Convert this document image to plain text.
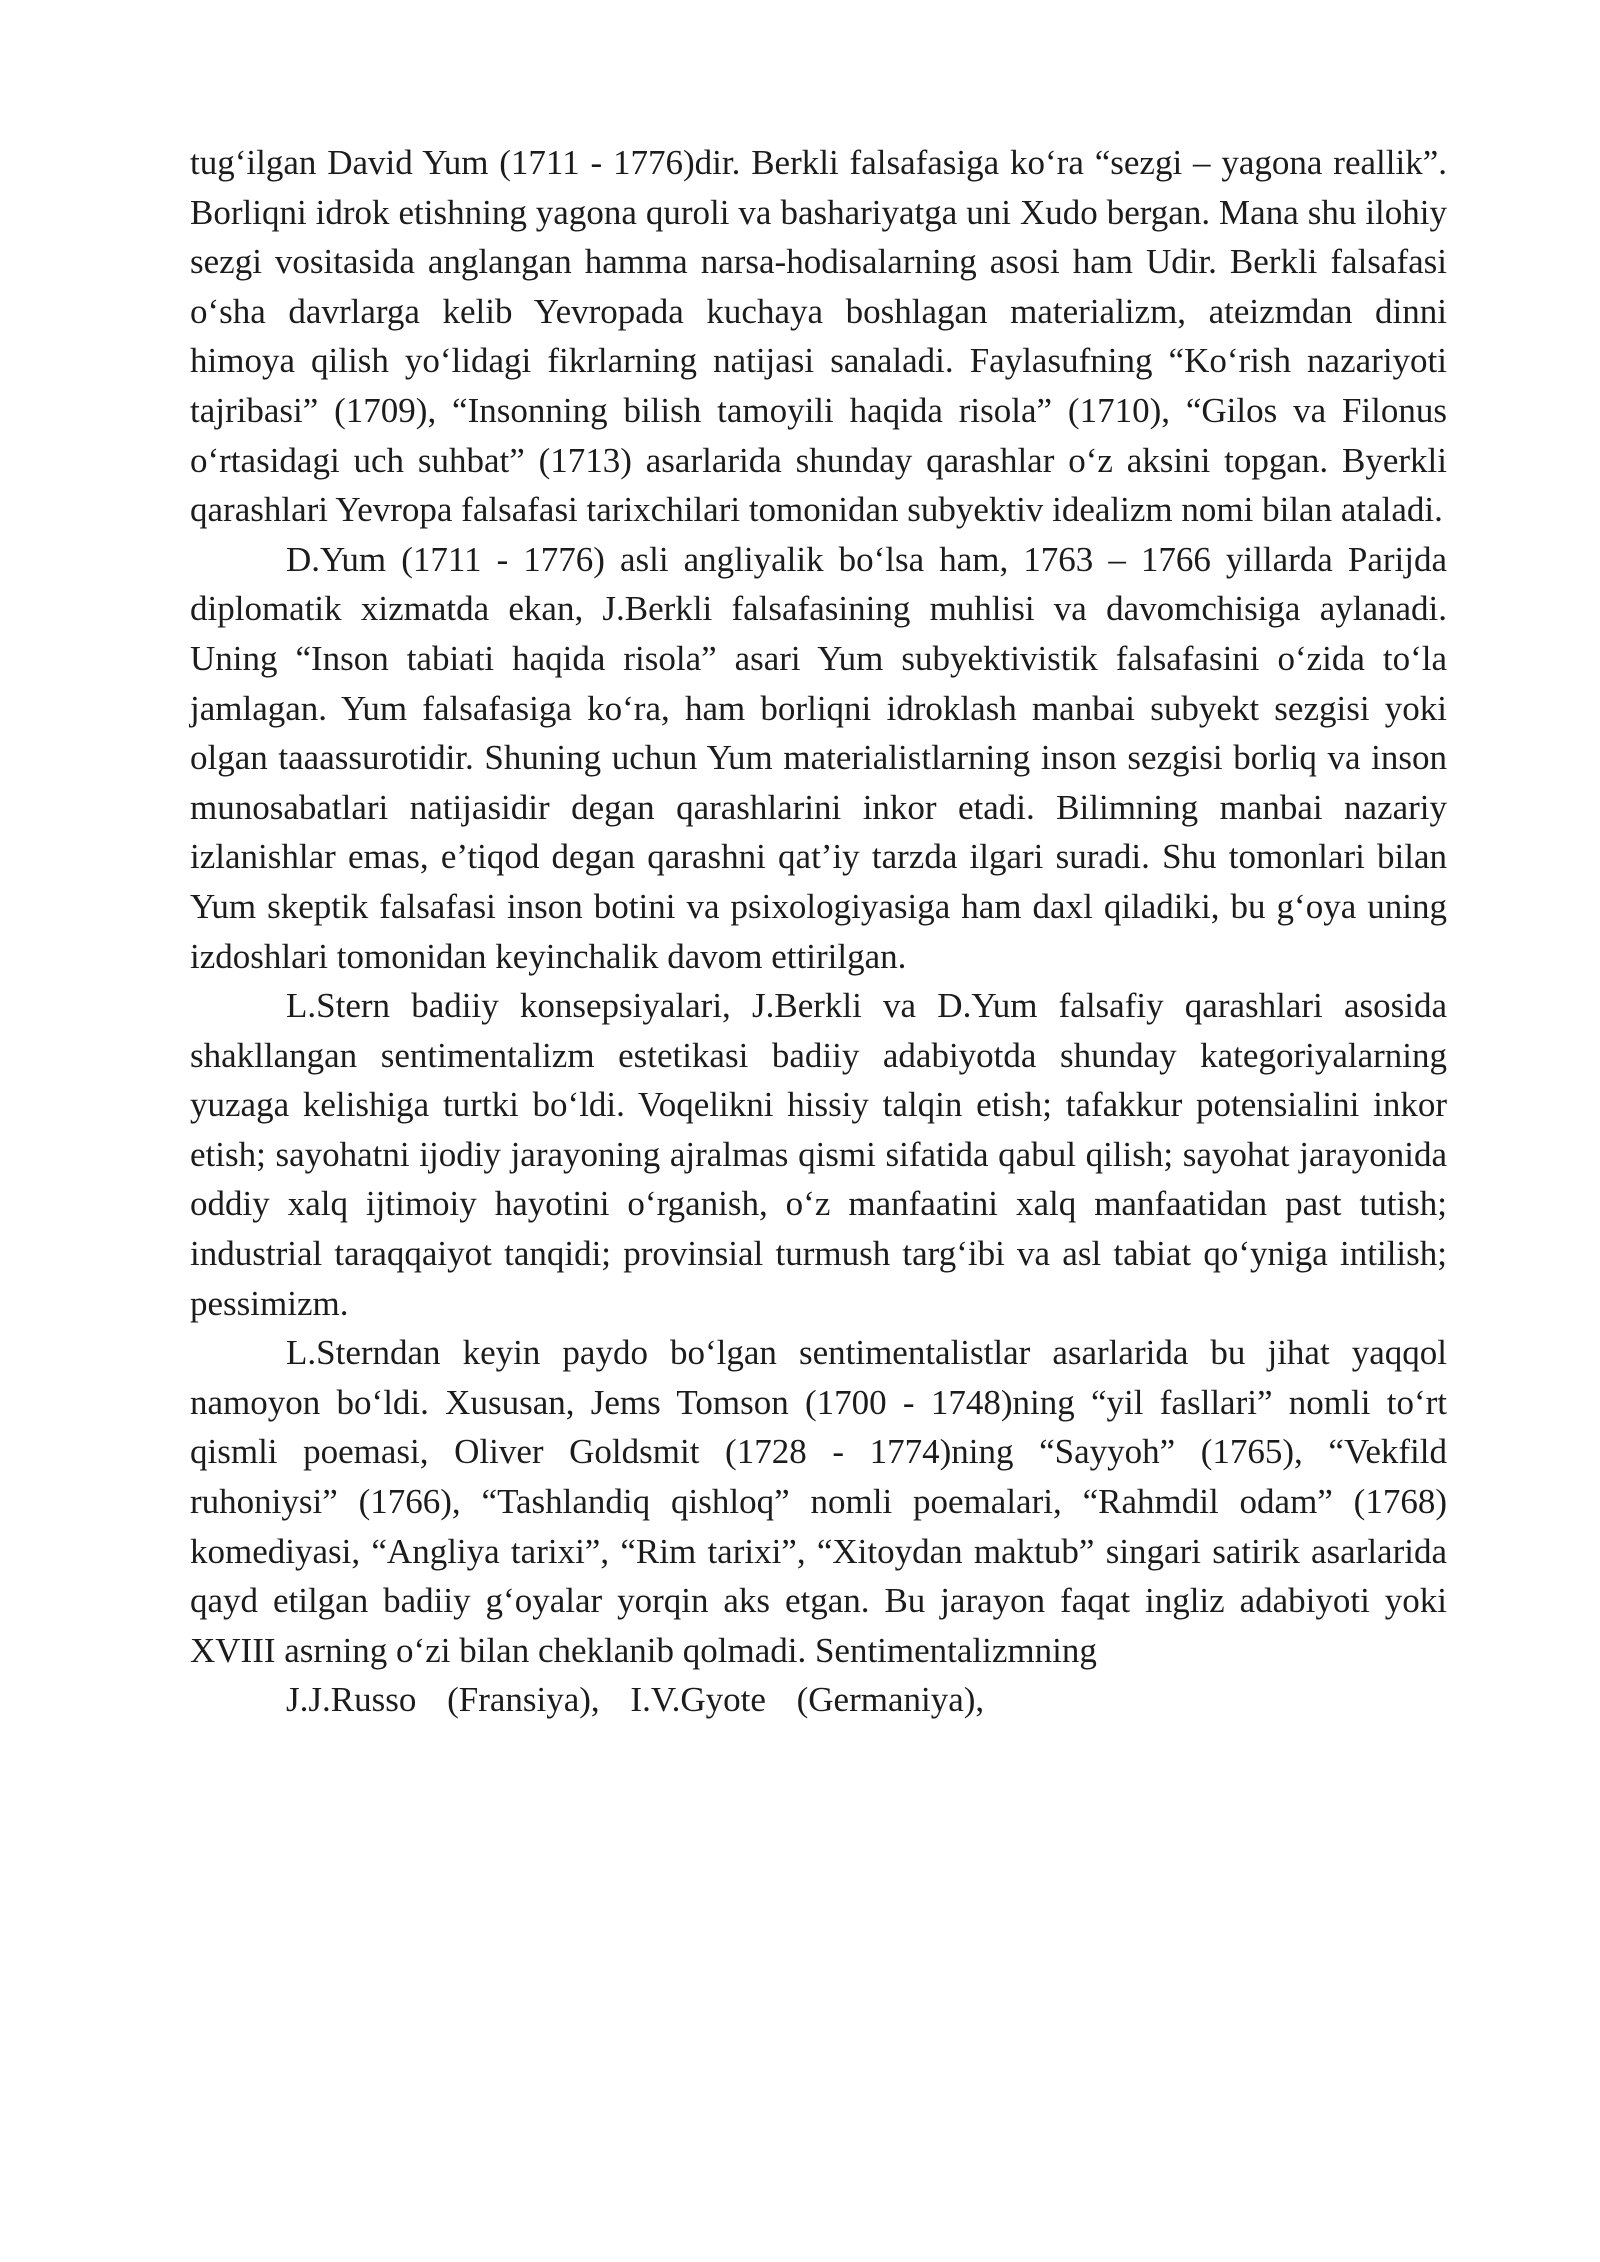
tug‘ilgan David Yum (1711 - 1776)dir. Berkli falsafasiga ko‘ra “sezgi – yagona reallik”. Borliqni idrok etishning yagona quroli va bashariyatga uni Xudo bergan. Mana shu ilohiy sezgi vositasida anglangan hamma narsa-hodisalarning asosi ham Udir. Berkli falsafasi o‘sha davrlarga kelib Yevropada kuchaya boshlagan materializm, ateizmdan dinni himoya qilish yo‘lidagi fikrlarning natijasi sanaladi. Faylasufning “Ko‘rish nazariyoti tajribasi” (1709), “Insonning bilish tamoyili haqida risola” (1710), “Gilos va Filonus o‘rtasidagi uch suhbat” (1713) asarlarida shunday qarashlar o‘z aksini topgan. Byerkli qarashlari Yevropa falsafasi tarixchilari tomonidan subyektiv idealizm nomi bilan ataladi.

D.Yum (1711 - 1776) asli angliyalik bo‘lsa ham, 1763 – 1766 yillarda Parijda diplomatik xizmatda ekan, J.Berkli falsafasining muhlisi va davomchisiga aylanadi. Uning “Inson tabiati haqida risola” asari Yum subyektivistik falsafasini o‘zida to‘la jamlagan. Yum falsafasiga ko‘ra, ham borliqni idroklash manbai subyekt sezgisi yoki olgan taaassurotidir. Shuning uchun Yum materialistlarning inson sezgisi borliq va inson munosabatlari natijasidir degan qarashlarini inkor etadi. Bilimning manbai nazariy izlanishlar emas, e’tiqod degan qarashni qat’iy tarzda ilgari suradi. Shu tomonlari bilan Yum skeptik falsafasi inson botini va psixologiyasiga ham daxl qiladiki, bu g‘oya uning izdoshlari tomonidan keyinchalik davom ettirilgan.

L.Stern badiiy konsepsiyalari, J.Berkli va D.Yum falsafiy qarashlari asosida shakllangan sentimentalizm estetikasi badiiy adabiyotda shunday kategoriyalarning yuzaga kelishiga turtki bo‘ldi. Voqelikni hissiy talqin etish; tafakkur potensialini inkor etish; sayohatni ijodiy jarayoning ajralmas qismi sifatida qabul qilish; sayohat jarayonida oddiy xalq ijtimoiy hayotini o‘rganish, o‘z manfaatini xalq manfaatidan past tutish; industrial taraqqaiyot tanqidi; provinsial turmush targ‘ibi va asl tabiat qo‘yniga intilish; pessimizm.

L.Sterndan keyin paydo bo‘lgan sentimentalistlar asarlarida bu jihat yaqqol namoyon bo‘ldi. Xususan, Jems Tomson (1700 - 1748)ning “yil fasllari” nomli to‘rt qismli poemasi, Oliver Goldsmit (1728 - 1774)ning “Sayyoh” (1765), “Vekfild ruhoniysi” (1766), “Tashlandiq qishloq” nomli poemalari, “Rahmdil odam” (1768) komediyasi, “Angliya tarixi”, “Rim tarixi”, “Xitoydan maktub” singari satirik asarlarida qayd etilgan badiiy g‘oyalar yorqin aks etgan. Bu jarayon faqat ingliz adabiyoti yoki XVIII asrning o‘zi bilan cheklanib qolmadi. Sentimentalizmning
J.J.Russo (Fransiya), I.V.Gyote (Germaniya),
